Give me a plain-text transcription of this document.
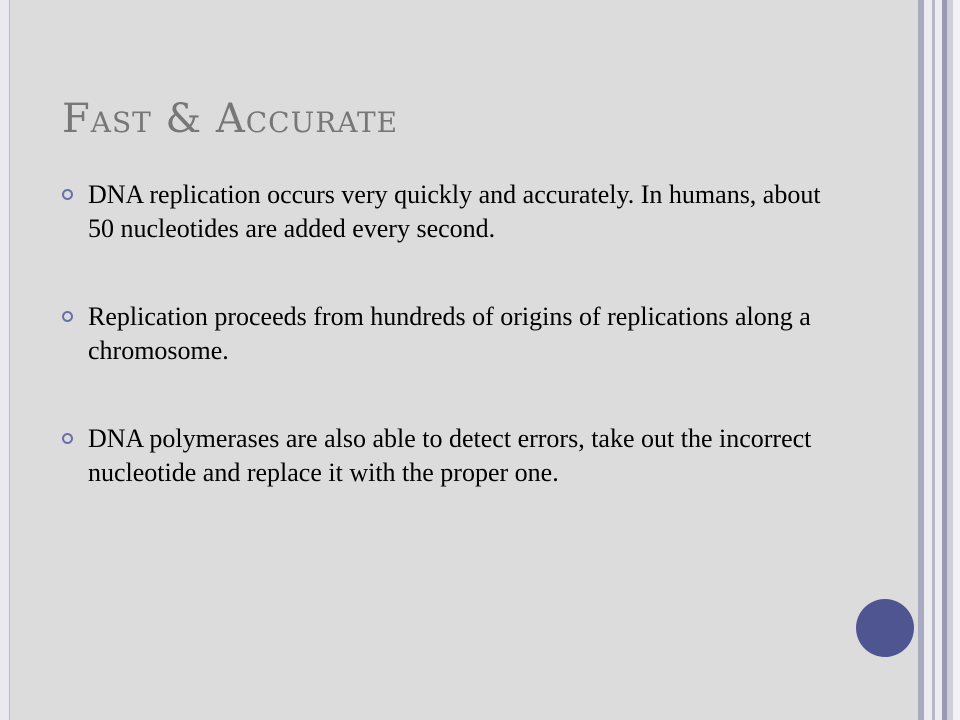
Fast & Accurate
DNA replication occurs very quickly and accurately. In humans, about 50 nucleotides are added every second.
Replication proceeds from hundreds of origins of replications along a chromosome.
DNA polymerases are also able to detect errors, take out the incorrect nucleotide and replace it with the proper one.
